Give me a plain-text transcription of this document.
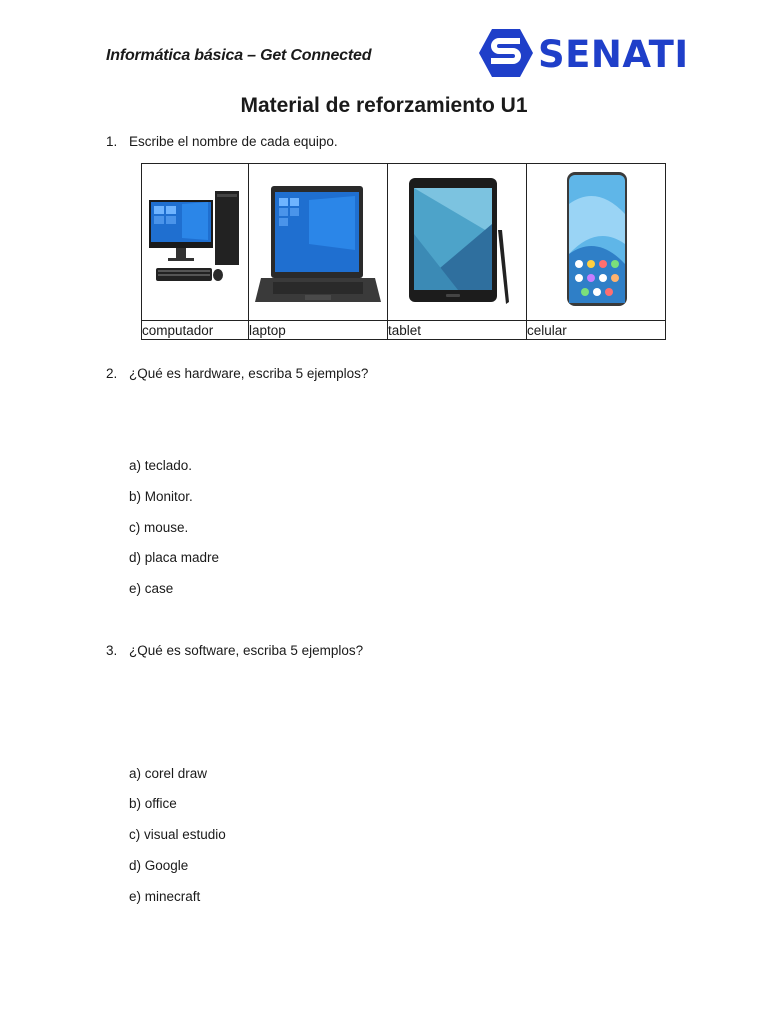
Informática básica – Get Connected	SENATI
Material de reforzamiento U1
1. Escribe el nombre de cada equipo.

computador	laptop	tablet	celular
2. ¿Qué es hardware, escriba 5 ejemplos?
a) teclado.
b) Monitor.
c) mouse.
d) placa madre
e) case
3. ¿Qué es software, escriba 5 ejemplos?
a) corel draw
b) office
c) visual estudio
d) Google
e) minecraft
